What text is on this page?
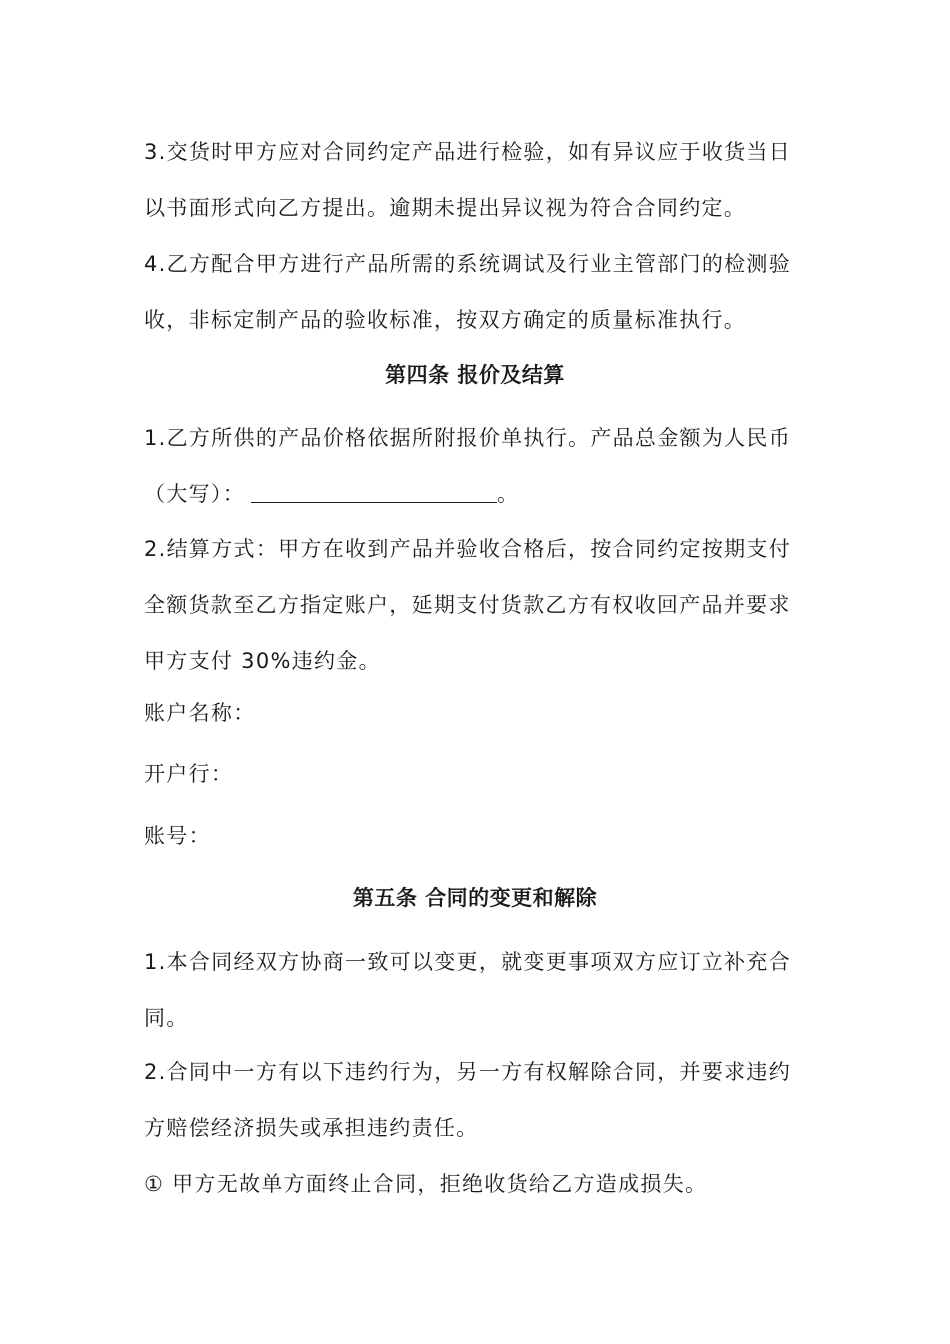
3.交货时甲方应对合同约定产品进行检验，如有异议应于收货当日
以书面形式向乙方提出。逾期未提出异议视为符合合同约定。

4.乙方配合甲方进行产品所需的系统调试及行业主管部门的检测验
收，非标定制产品的验收标准，按双方确定的质量标准执行。

第四条 报价及结算

1.乙方所供的产品价格依据所附报价单执行。产品总金额为人民币
（大写）：	。

2.结算方式：甲方在收到产品并验收合格后，按合同约定按期支付
全额货款至乙方指定账户，延期支付货款乙方有权收回产品并要求
甲方支付 30%违约金。

账户名称：

开户行：

账号：

第五条 合同的变更和解除

1.本合同经双方协商一致可以变更，就变更事项双方应订立补充合
同。

2.合同中一方有以下违约行为，另一方有权解除合同，并要求违约
方赔偿经济损失或承担违约责任。

① 甲方无故单方面终止合同，拒绝收货给乙方造成损失。
